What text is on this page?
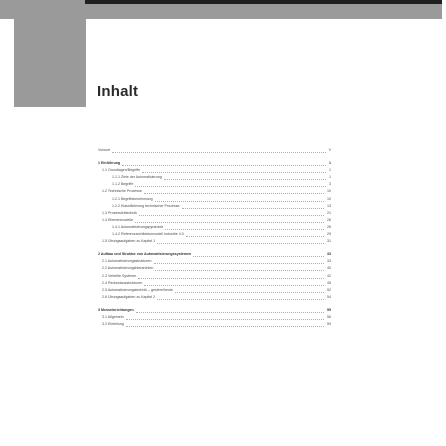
Inhalt
Vorwort	V
1 Einführung	1
1.1 Grundlagen/Begriffe	1
1.1.1 Ziele der Automatisierung	1
1.1.2 Begriffe	3
1.2 Technische Prozesse	10
1.2.1 Begriffsbestimmung	10
1.2.2 Klassifizierung technischer Prozesse	13
1.3 Prozessleittechnik	21
1.4 Ebenenmodelle	26
1.4.1 Automatisierungspyramide	26
1.4.2 Referenzarchitekturmodell Industrie 4.0	29
1.5 Übungsaufgaben zu Kapitel 1	31
2 Aufbau und Struktur von Automatisierungssystemen	33
2.1 Automatisierungsstrukturen	33
2.2 Automatisierungshierarchien	40
2.3 Verteilte Systeme	42
2.4 Redundanzstrukturen	45
2.5 Automatisierungstechnik – gestern/heute	52
2.6 Übungsaufgaben zu Kapitel 2	54
3 Messeinrichtungen	55
3.1 Allgemein	56
3.2 Einteilung	59
